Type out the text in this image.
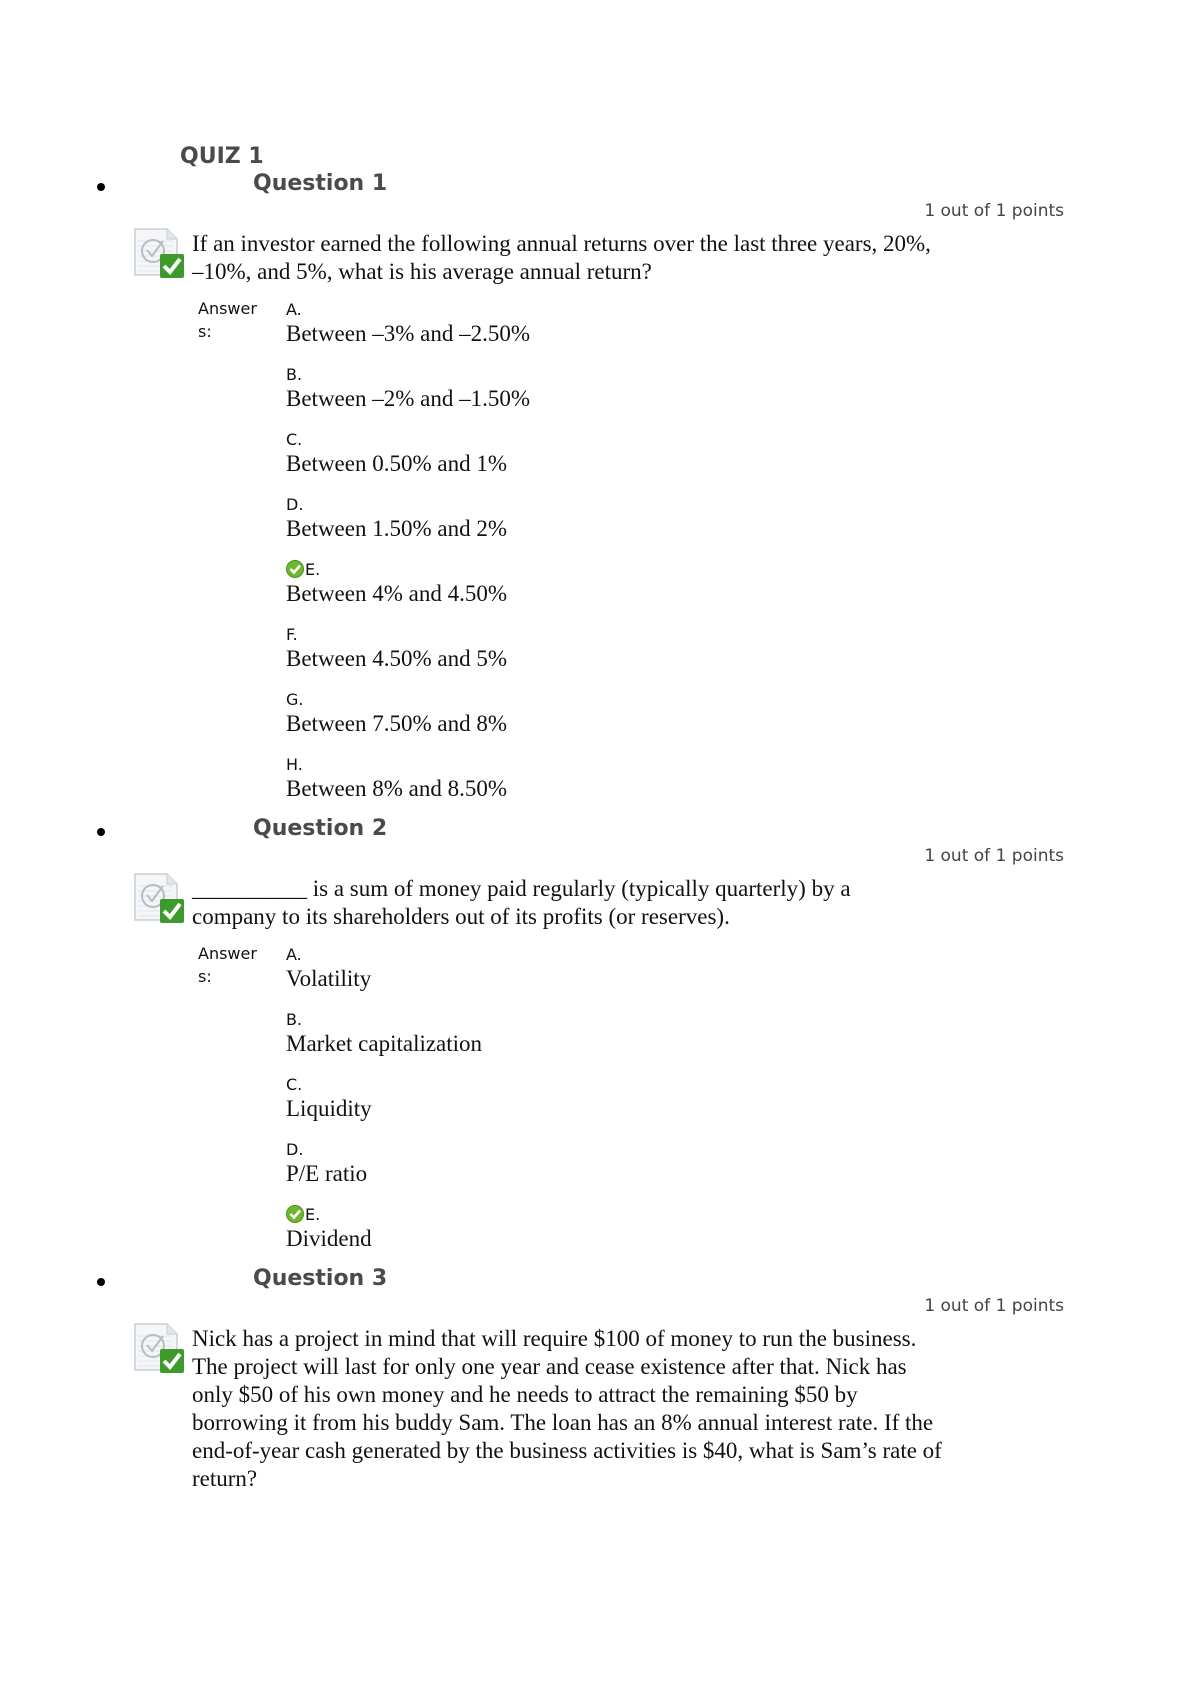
QUIZ 1
Question 1
1 out of 1 points
If an investor earned the following annual returns over the last three years, 20%, –10%, and 5%, what is his average annual return?
Answer
s:
A.
Between –3% and –2.50%
B.
Between –2% and –1.50%
C.
Between 0.50% and 1%
D.
Between 1.50% and 2%
E.
Between 4% and 4.50%
F.
Between 4.50% and 5%
G.
Between 7.50% and 8%
H.
Between 8% and 8.50%
Question 2
1 out of 1 points
__________ is a sum of money paid regularly (typically quarterly) by a company to its shareholders out of its profits (or reserves).
Answer
s:
A.
Volatility
B.
Market capitalization
C.
Liquidity
D.
P/E ratio
E.
Dividend
Question 3
1 out of 1 points
Nick has a project in mind that will require $100 of money to run the business. The project will last for only one year and cease existence after that. Nick has only $50 of his own money and he needs to attract the remaining $50 by borrowing it from his buddy Sam. The loan has an 8% annual interest rate. If the end-of-year cash generated by the business activities is $40, what is Sam’s rate of return?
